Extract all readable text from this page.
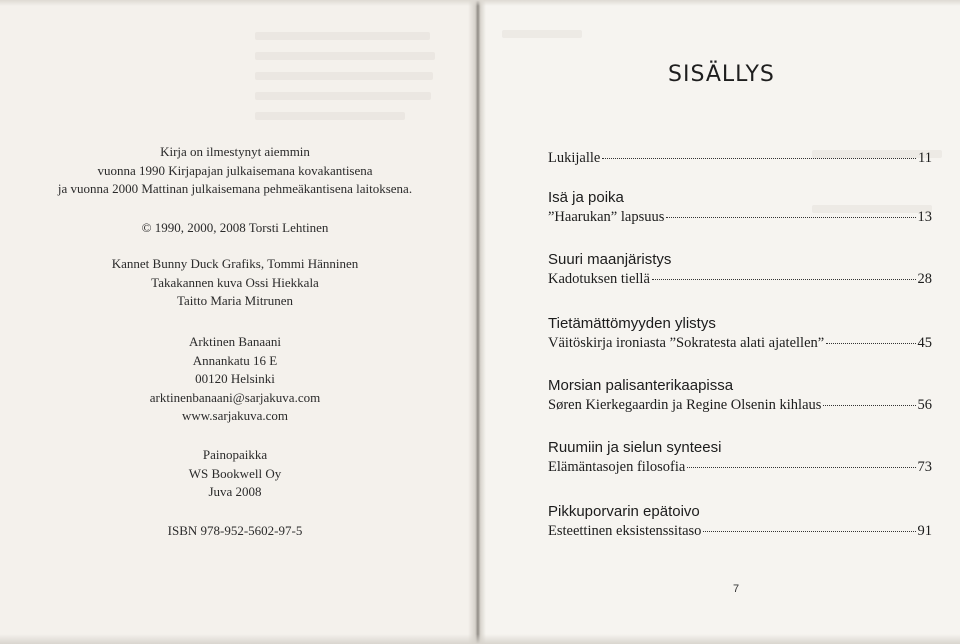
Kirja on ilmestynyt aiemmin
vuonna 1990 Kirjapajan julkaisemana kovakantisena
ja vuonna 2000 Mattinan julkaisemana pehmeäkantisena laitoksena.
© 1990, 2000, 2008 Torsti Lehtinen
Kannet Bunny Duck Grafiks, Tommi Hänninen
Takakannen kuva Ossi Hiekkala
Taitto Maria Mitrunen
Arktinen Banaani
Annankatu 16 E
00120 Helsinki
arktinenbanaani@sarjakuva.com
www.sarjakuva.com
Painopaikka
WS Bookwell Oy
Juva 2008
ISBN 978-952-5602-97-5
SISÄLLYS
Lukijalle	11
Isä ja poika
”Haarukan” lapsuus	13
Suuri maanjäristys
Kadotuksen tiellä	28
Tietämättömyyden ylistys
Väitöskirja ironiasta ”Sokratesta alati ajatellen”	45
Morsian palisanterikaapissa
Søren Kierkegaardin ja Regine Olsenin kihlaus	56
Ruumiin ja sielun synteesi
Elämäntasojen filosofia	73
Pikkuporvarin epätoivo
Esteettinen eksistenssitaso	91
7
